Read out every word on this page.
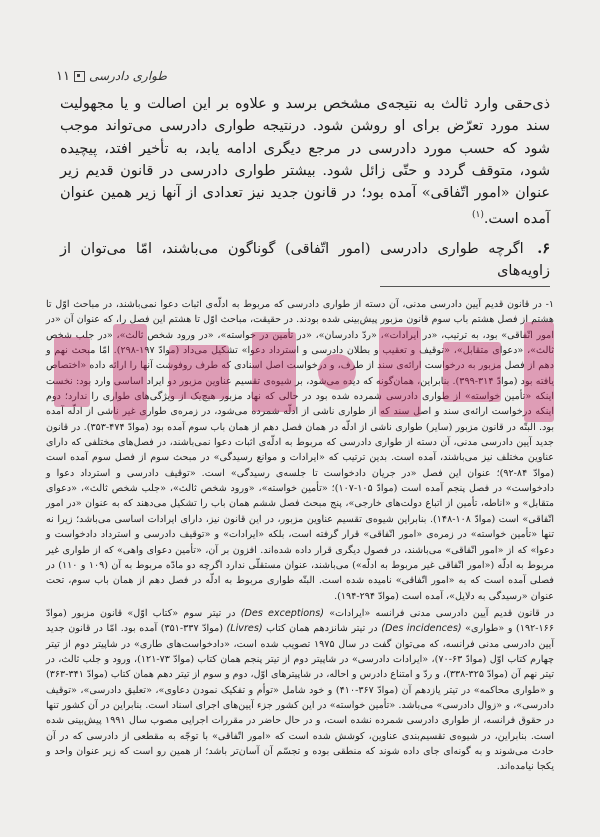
۱۱ طواری دادرسی

ذی‌حقی وارد ثالث به نتیجه‌ی مشخص برسد و علاوه بر این اصالت و یا مجهولیت سند مورد تعرّض برای او روشن شود. درنتیجه طواری دادرسی می‌تواند موجب شود که حسب مورد دادرسی در مرجع دیگری ادامه یابد، به تأخیر افتد، پیچیده شود، متوقف گردد و حتّی زائل شود. بیشتر طواری دادرسی در قانون قدیم زیر عنوان «امور اتّفاقی» آمده بود؛ در قانون جدید نیز تعدادی از آنها زیر همین عنوان آمده است.$^{(۱)}$

۶. اگرچه طواری دادرسی (امور اتّفاقی) گوناگون می‌باشند، امّا می‌توان از زاویه‌های

۱- در قانون قدیم آیین دادرسی مدنی، آن دسته از طواری دادرسی که مربوط به ادلّه‌ی اثبات دعوا نمی‌باشند، در مباحث اوّل تا هشتم از فصل هشتم باب سوم قانون مزبور پیش‌بینی شده بودند. در حقیقت، مباحث اوّل تا هشتم این فصل را، که عنوان آن «در امور اتّفاقی» بود، به ترتیب، «در ایرادات»، «ردّ دادرسان»، «در تأمین در خواسته»، «در ورود شخص ثالث»، «در جلب شخص ثالث»، «دعوای متقابل»، «توقیف و تعقیب و بطلان دادرسی و استرداد دعوا» تشکیل می‌داد (موادّ ۱۹۷-۲۹۸). امّا مبحث نهم و دهم از فصل مزبور به درخواست ارائه‌ی سند از طرف، و درخواست اصل اسنادی که طرف روفوشت آنها را ارائه داده «اختصاص یافته بود (موادّ ۳۱۴-۳۹۹). بنابراین، همان‌گونه که دیده می‌شود، بر شیوه‌ی تقسیم عناوین مزبور دو ایراد اساسی وارد بود: نخست اینکه «تأمین خواسته» از طواری دادرسی شمرده شده بود در حالی که نهاد مزبور هیچ‌یک از ویژگی‌های طواری را ندارد؛ دوم اینکه درخواست ارائه‌ی سند و اصل سند که از طواری ناشی از ادلّه شمرده می‌شود، در زمره‌ی طواری غیر ناشی از ادلّه آمده بود. البتّه در قانون مزبور (سایر) طواری ناشی از ادلّه در همان فصل دهم از همان باب سوم آمده بود (موادّ ۴۷۴-۳۵۳). در قانون جدید آیین دادرسی مدنی، آن دسته از طواری دادرسی که مربوط به ادلّه‌ی اثبات دعوا نمی‌باشند، در فصل‌های مختلفی که دارای عناوین مختلف نیز می‌باشند، آمده است. بدین ترتیب که «ایرادات و موانع رسیدگی» در مبحث سوم از فصل سوم آمده است (موادّ ۸۴-۹۲)؛ عنوان این فصل «در جریان دادخواست تا جلسه‌ی رسیدگی» است. «توقیف دادرسی و استرداد دعوا و دادخواست» در فصل پنجم آمده است (موادّ ۱۰۵-۱۰۷)؛ «تأمین خواسته»، «ورود شخص ثالث»، «جلب شخص ثالث»، «دعوای متقابل» و «اناطه، تأمین از اتباع دولت‌های خارجی»، پنج مبحث فصل ششم همان باب را تشکیل می‌دهند که به عنوان «در امور اتّفاقی» است (موادّ ۱۰۸-۱۴۸). بنابراین شیوه‌ی تقسیم عناوین مزبور، در این قانون نیز، دارای ایرادات اساسی می‌باشد؛ زیرا نه تنها «تأمین خواسته» در زمره‌ی «امور اتّفاقی» قرار گرفته است، بلکه «ایرادات» و «توقیف دادرسی و استرداد دادخواست و دعوا» که از «امور اتّفاقی» می‌باشند، در فصول دیگری قرار داده شده‌اند. افزون بر آن، «تأمین دعوای واهی» که از طواری غیر مربوط به ادلّه («امور اتّفاقی غیر مربوط به ادلّه») می‌باشند، عنوان مستقلّی ندارد اگرچه دو مادّه مربوط به آن (۱۰۹ و ۱۱۰) در فصلی آمده است که به «امور اتّفاقی» نامیده شده است. البتّه طواری مربوط به ادلّه در فصل دهم از همان باب سوم، تحت عنوان «رسیدگی به دلایل»، آمده است (موادّ ۲۹۴-۱۹۴).

در قانون قدیم آیین دادرسی مدنی فرانسه «ایرادات» (Des exceptions) در تیتر سوم «کتاب اوّل» قانون مزبور (موادّ ۱۶۶-۱۹۲) و «طواری» (Des incidences) در تیتر شانزدهم همان کتاب (Livres) (موادّ ۳۳۷-۳۵۱) آمده بود. امّا در قانون جدید آیین دادرسی مدنی فرانسه، که می‌توان گفت در سال ۱۹۷۵ تصویب شده است، «دادخواست‌های طاری» در شاپیتر دوم از تیتر چهارم کتاب اوّل (موادّ ۶۳-۷۰)، «ایرادات دادرسی» در شاپیتر دوم از تیتر پنجم همان کتاب (موادّ ۷۳-۱۲۱)، ورود و جلب ثالث، در تیتر نهم آن (موادّ ۳۲۵-۳۳۸)، و ردّ و امتناع دادرس و احاله، در شاپیترهای اوّل، دوم و سوم از تیتر دهم همان کتاب (موادّ ۳۴۱-۳۶۳) و «طواری محاکمه» در تیتر یازدهم آن (موادّ ۳۶۷-۴۱۰) و خود شامل «توأم و تفکیک نمودن دعاوی»، «تعلیق دادرسی»، «توقیف دادرسی»، و «زوال دادرسی» می‌باشد. «تأمین خواسته» در این کشور جزء آیین‌های اجرای اسناد است. بنابراین در آن کشور تنها در حقوق فرانسه، از طواری دادرسی شمرده نشده است، و در حال حاضر در مقررات اجرایی مصوب سال ۱۹۹۱ پیش‌بینی شده است. بنابراین، در شیوه‌ی تقسیم‌بندی عناوین، کوشش شده است که «امور اتّفاقی» با توجّه به مقطعی از دادرسی که در آن حادث می‌شوند و به گونه‌ای جای داده شوند که منطقی بوده و تجسّم آن آسان‌تر باشد؛ از همین رو است که زیر عنوان واحد و یکجا نیامده‌اند.
